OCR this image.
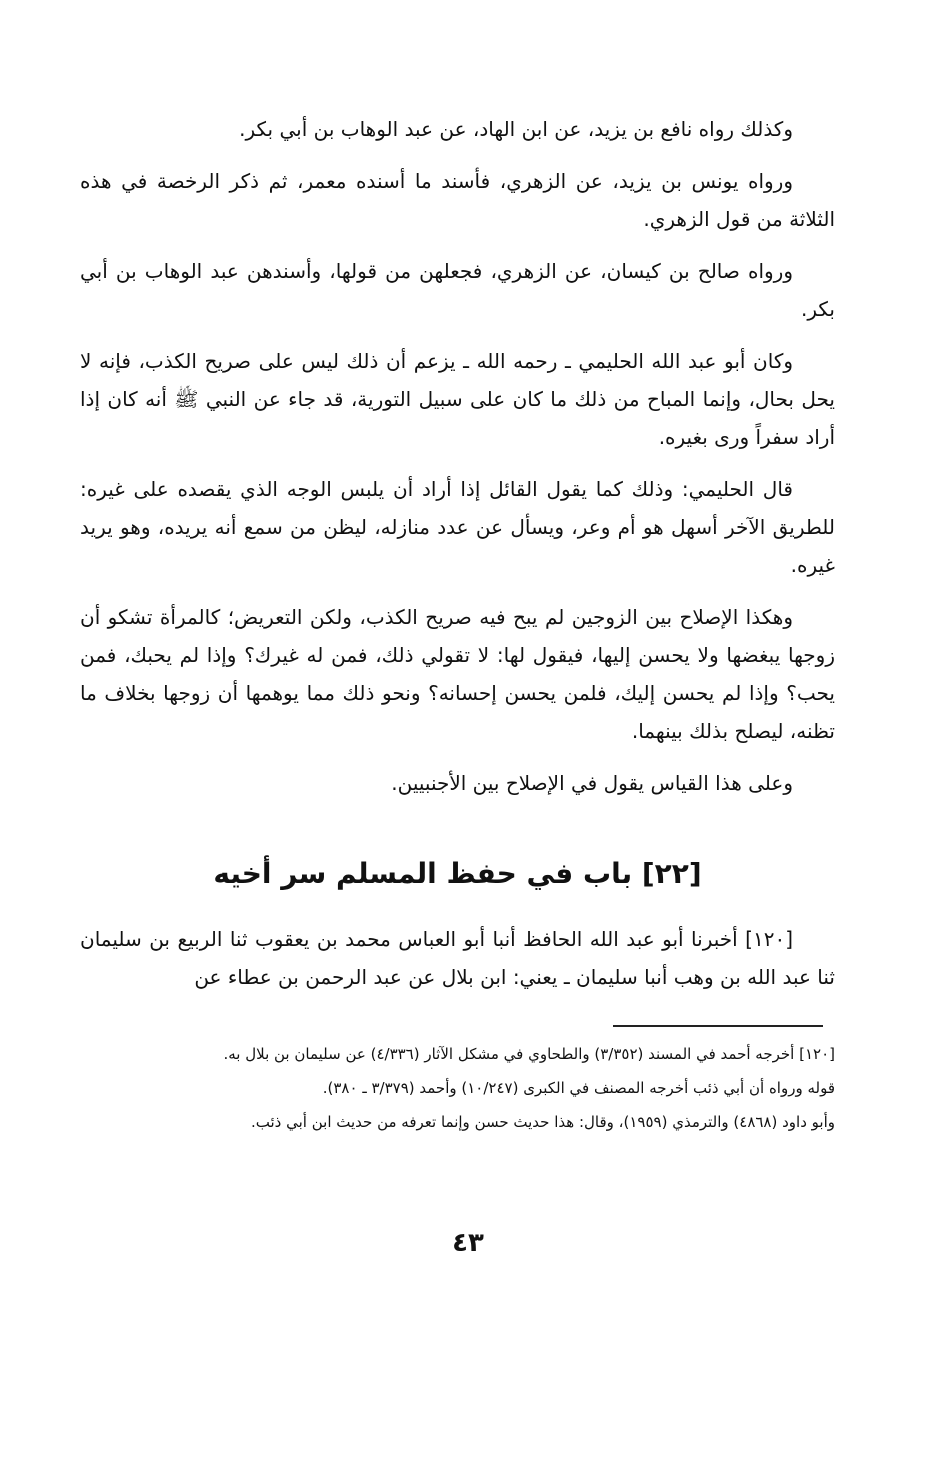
وكذلك رواه نافع بن يزيد، عن ابن الهاد، عن عبد الوهاب بن أبي بكر.

ورواه يونس بن يزيد، عن الزهري، فأسند ما أسنده معمر، ثم ذكر الرخصة في هذه الثلاثة من قول الزهري.

ورواه صالح بن كيسان، عن الزهري، فجعلهن من قولها، وأسندهن عبد الوهاب بن أبي بكر.

وكان أبو عبد الله الحليمي ـ رحمه الله ـ يزعم أن ذلك ليس على صريح الكذب، فإنه لا يحل بحال، وإنما المباح من ذلك ما كان على سبيل التورية، قد جاء عن النبي ﷺ أنه كان إذا أراد سفراً ورى بغيره.

قال الحليمي: وذلك كما يقول القائل إذا أراد أن يلبس الوجه الذي يقصده على غيره: للطريق الآخر أسهل هو أم وعر، ويسأل عن عدد منازله، ليظن من سمع أنه يريده، وهو يريد غيره.

وهكذا الإصلاح بين الزوجين لم يبح فيه صريح الكذب، ولكن التعريض؛ كالمرأة تشكو أن زوجها يبغضها ولا يحسن إليها، فيقول لها: لا تقولي ذلك، فمن له غيرك؟ وإذا لم يحبك، فمن يحب؟ وإذا لم يحسن إليك، فلمن يحسن إحسانه؟ ونحو ذلك مما يوهمها أن زوجها بخلاف ما تظنه، ليصلح بذلك بينهما.

وعلى هذا القياس يقول في الإصلاح بين الأجنبيين.

[٢٢] باب في حفظ المسلم سر أخيه

[١٢٠] أخبرنا أبو عبد الله الحافظ أنبا أبو العباس محمد بن يعقوب ثنا الربيع بن سليمان ثنا عبد الله بن وهب أنبا سليمان ـ يعني: ابن بلال عن عبد الرحمن بن عطاء عن

[١٢٠] أخرجه أحمد في المسند (٣/٣٥٢) والطحاوي في مشكل الآثار (٤/٣٣٦) عن سليمان بن بلال به.

قوله ورواه أن أبي ذئب أخرجه المصنف في الكبرى (١٠/٢٤٧) وأحمد (٣/٣٧٩ ـ ٣٨٠).

وأبو داود (٤٨٦٨) والترمذي (١٩٥٩)، وقال: هذا حديث حسن وإنما تعرفه من حديث ابن أبي ذئب.

٤٣
